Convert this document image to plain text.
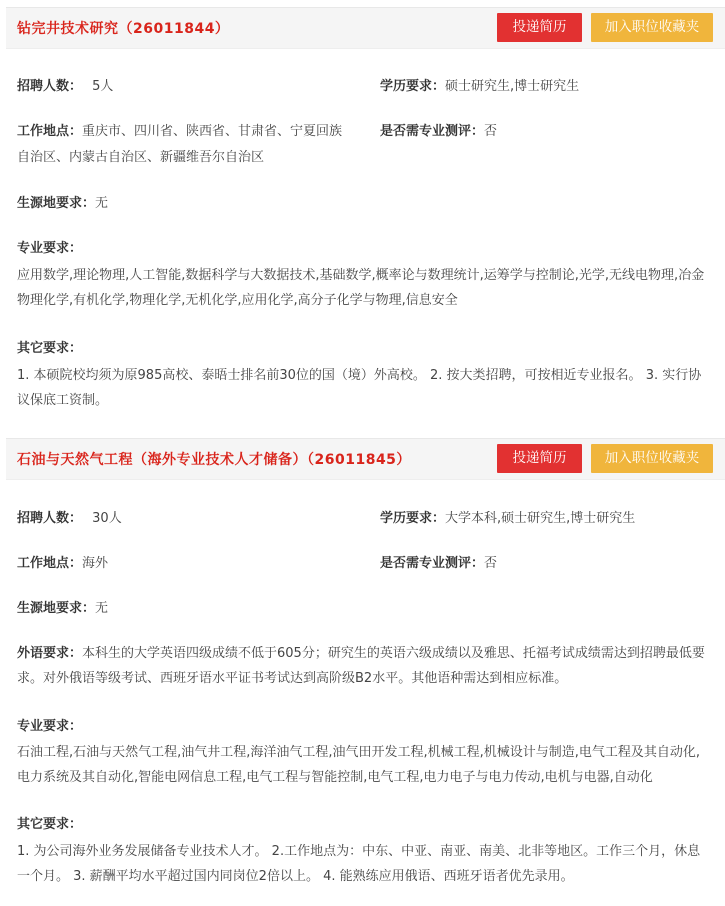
钻完井技术研究（26011844）	投递简历	加入职位收藏夹
招聘人数： 5人	学历要求：硕士研究生,博士研究生
工作地点：重庆市、四川省、陕西省、甘肃省、宁夏回族
自治区、内蒙古自治区、新疆维吾尔自治区
是否需专业测评：否
生源地要求：无
专业要求：
应用数学,理论物理,人工智能,数据科学与大数据技术,基础数学,概率论与数理统计,运筹学与控制论,光学,无线电物理,冶金物理化学,有机化学,物理化学,无机化学,应用化学,高分子化学与物理,信息安全
其它要求：
1. 本硕院校均须为原985高校、泰晤士排名前30位的国（境）外高校。 2. 按大类招聘，可按相近专业报名。 3. 实行协议保底工资制。
石油与天然气工程（海外专业技术人才储备）（26011845）	投递简历	加入职位收藏夹
招聘人数： 30人	学历要求：大学本科,硕士研究生,博士研究生
工作地点：海外	是否需专业测评：否
生源地要求：无
外语要求：本科生的大学英语四级成绩不低于605分；研究生的英语六级成绩以及雅思、托福考试成绩需达到招聘最低要求。对外俄语等级考试、西班牙语水平证书考试达到高阶级B2水平。其他语种需达到相应标准。
专业要求：
石油工程,石油与天然气工程,油气井工程,海洋油气工程,油气田开发工程,机械工程,机械设计与制造,电气工程及其自动化,电力系统及其自动化,智能电网信息工程,电气工程与智能控制,电气工程,电力电子与电力传动,电机与电器,自动化
其它要求：
1. 为公司海外业务发展储备专业技术人才。 2.工作地点为：中东、中亚、南亚、南美、北非等地区。工作三个月，休息一个月。 3. 薪酬平均水平超过国内同岗位2倍以上。 4. 能熟练应用俄语、西班牙语者优先录用。
